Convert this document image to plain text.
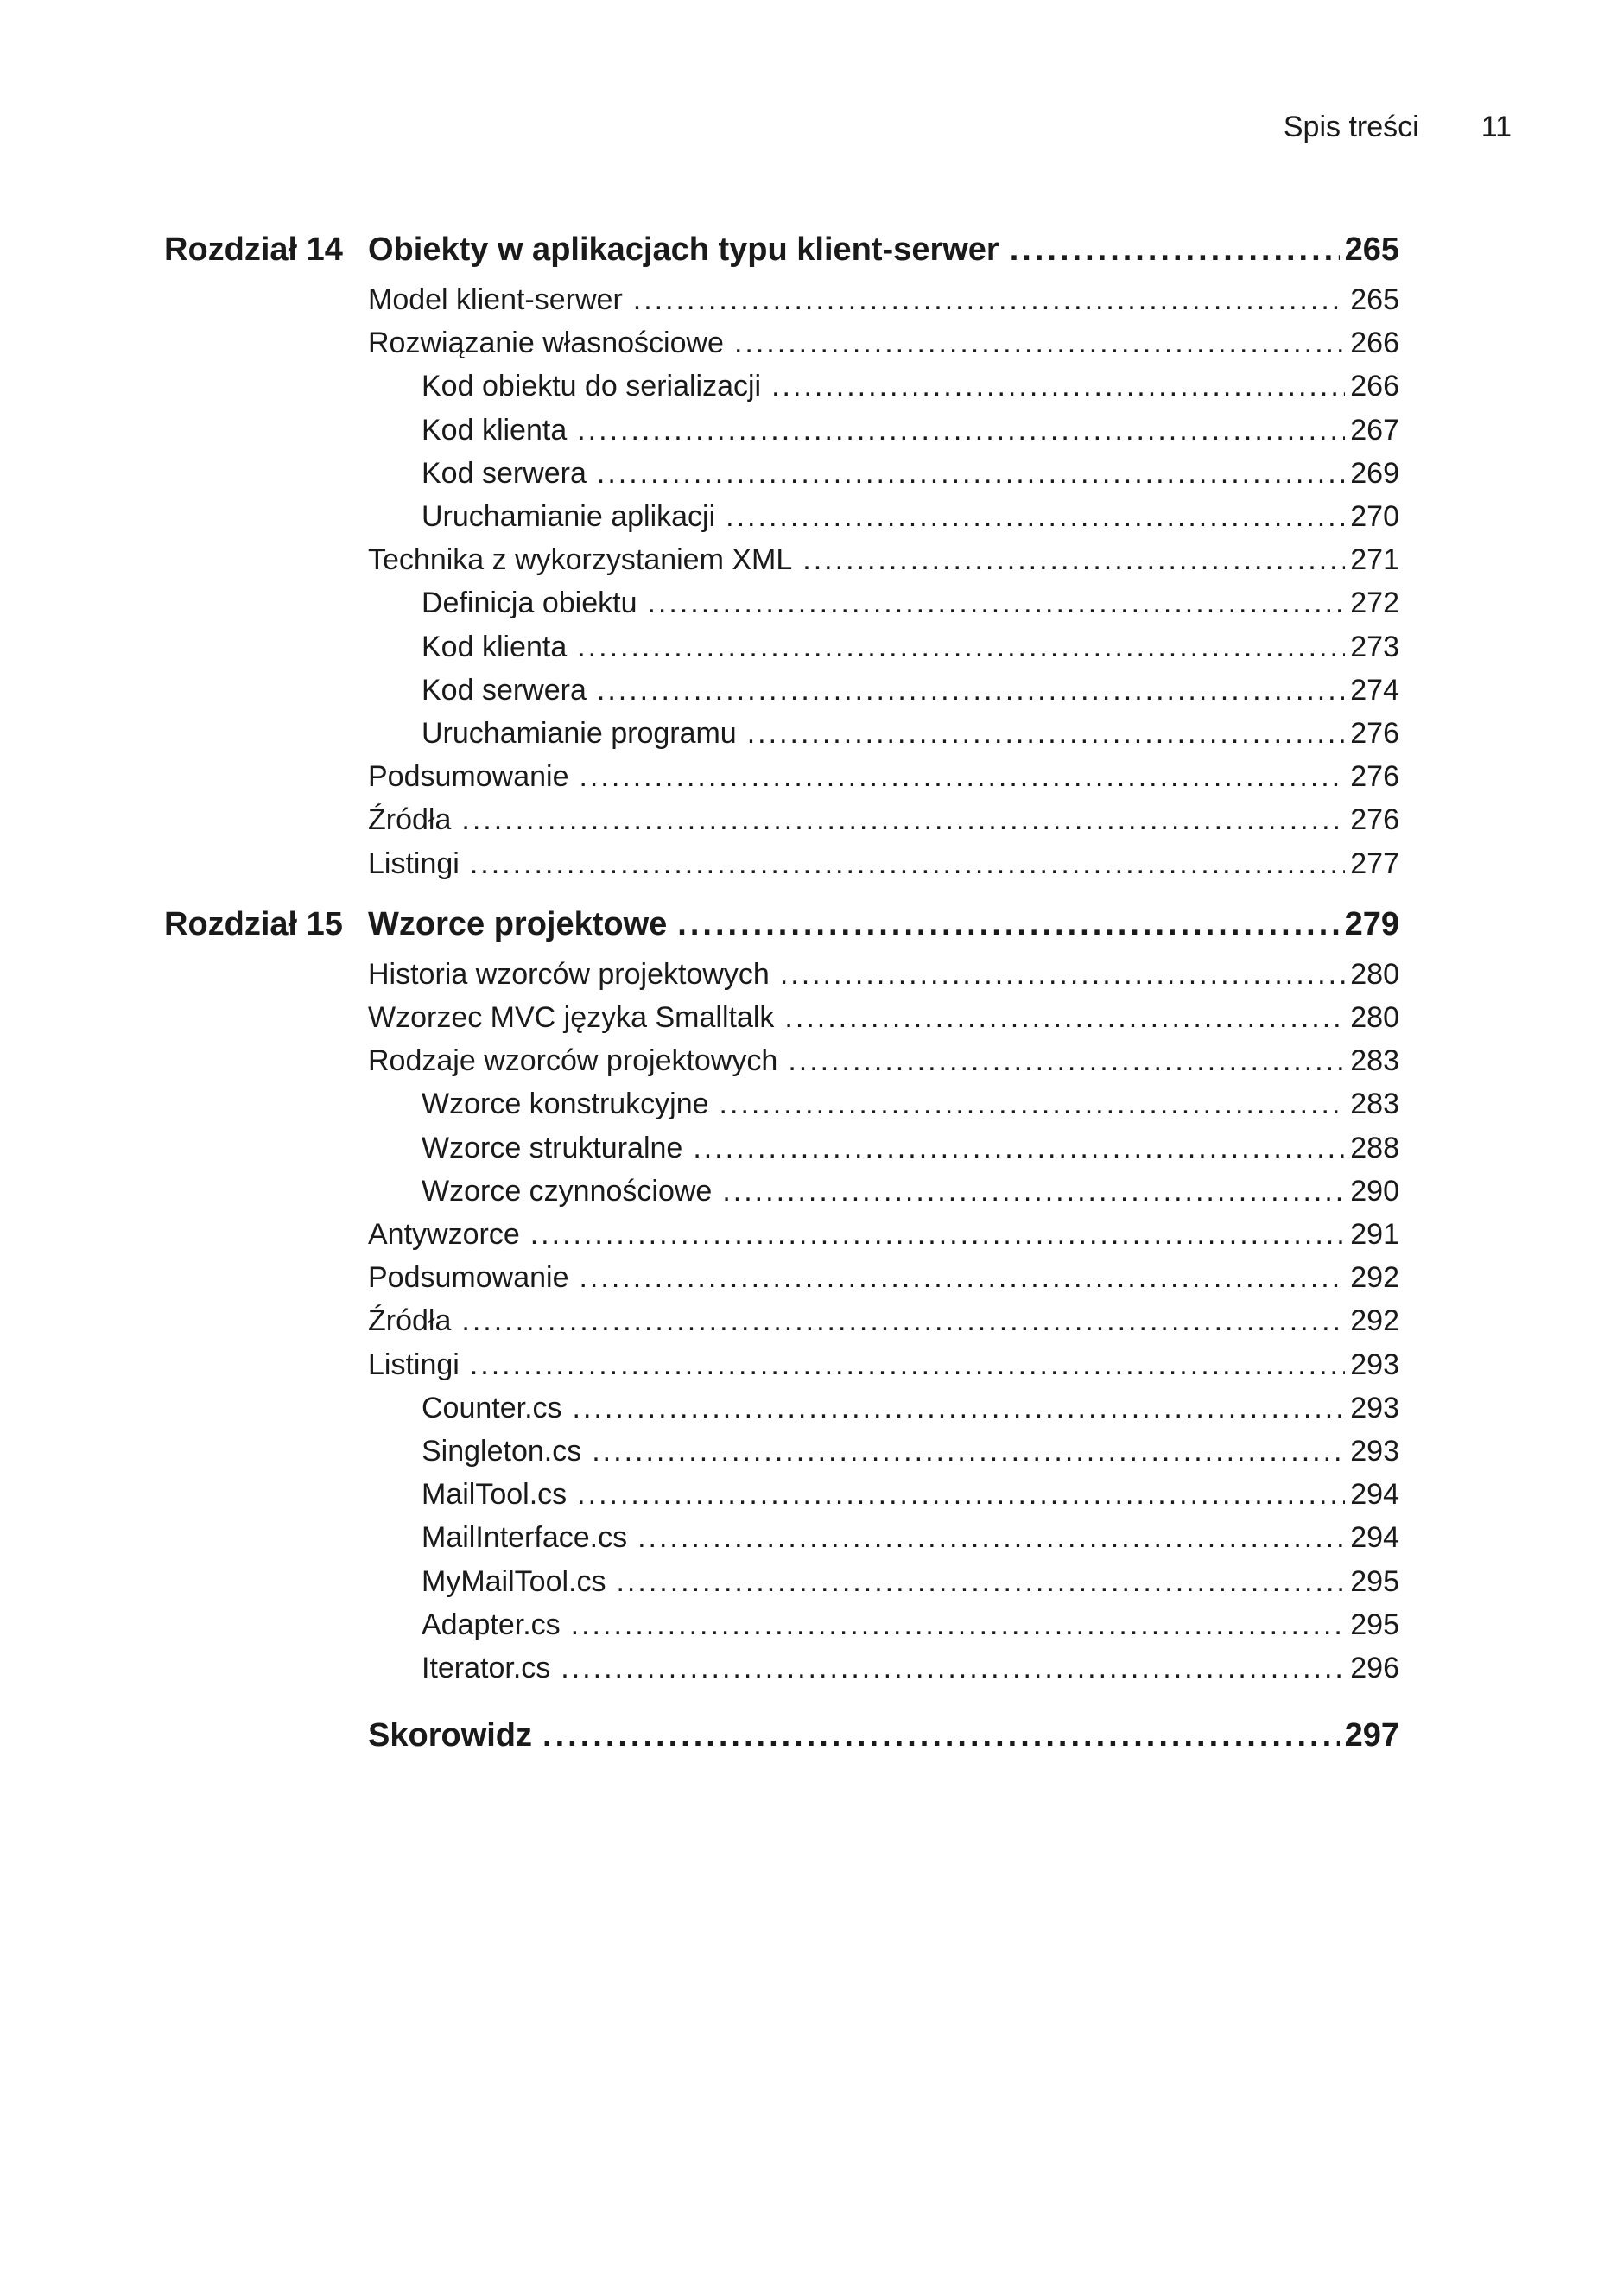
Spis treści 11
Rozdział 14 Obiekty w aplikacjach typu klient-serwer .....	265
Model klient-serwer .....	265
Rozwiązanie własnościowe .....	266
Kod obiektu do serializacji .....	266
Kod klienta .....	267
Kod serwera .....	269
Uruchamianie aplikacji .....	270
Technika z wykorzystaniem XML .....	271
Definicja obiektu .....	272
Kod klienta .....	273
Kod serwera .....	274
Uruchamianie programu .....	276
Podsumowanie .....	276
Źródła .....	276
Listingi .....	277
Rozdział 15 Wzorce projektowe .....	279
Historia wzorców projektowych .....	280
Wzorzec MVC języka Smalltalk .....	280
Rodzaje wzorców projektowych .....	283
Wzorce konstrukcyjne .....	283
Wzorce strukturalne .....	288
Wzorce czynnościowe .....	290
Antywzorce .....	291
Podsumowanie .....	292
Źródła .....	292
Listingi .....	293
Counter.cs .....	293
Singleton.cs .....	293
MailTool.cs .....	294
MailInterface.cs .....	294
MyMailTool.cs .....	295
Adapter.cs .....	295
Iterator.cs .....	296
Skorowidz .....	297
